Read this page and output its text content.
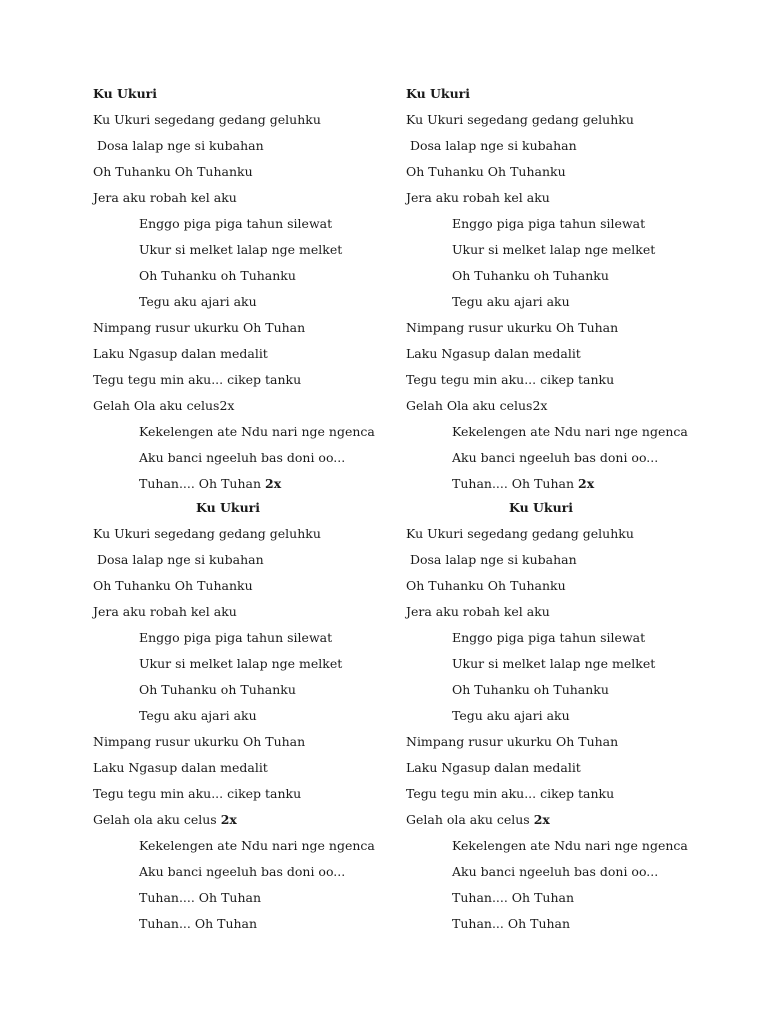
Ku Ukuri
Ku Ukuri segedang gedang geluhku
Dosa lalap nge si kubahan
Oh Tuhanku Oh Tuhanku
Jera aku robah kel aku
Enggo piga piga tahun silewat
Ukur si melket lalap nge melket
Oh Tuhanku oh Tuhanku
Tegu aku ajari aku
Nimpang rusur ukurku Oh Tuhan
Laku Ngasup dalan medalit
Tegu tegu min aku... cikep tanku
Gelah Ola aku celus2x
Kekelengen ate Ndu nari nge ngenca
Aku banci ngeeluh bas doni oo...
Tuhan.... Oh Tuhan 2x
Ku Ukuri
Ku Ukuri segedang gedang geluhku
Dosa lalap nge si kubahan
Oh Tuhanku Oh Tuhanku
Jera aku robah kel aku
Enggo piga piga tahun silewat
Ukur si melket lalap nge melket
Oh Tuhanku oh Tuhanku
Tegu aku ajari aku
Nimpang rusur ukurku Oh Tuhan
Laku Ngasup dalan medalit
Tegu tegu min aku... cikep tanku
Gelah Ola aku celus2x
Kekelengen ate Ndu nari nge ngenca
Aku banci ngeeluh bas doni oo...
Tuhan.... Oh Tuhan 2x
Ku Ukuri
Ku Ukuri segedang gedang geluhku
Dosa lalap nge si kubahan
Oh Tuhanku Oh Tuhanku
Jera aku robah kel aku
Enggo piga piga tahun silewat
Ukur si melket lalap nge melket
Oh Tuhanku oh Tuhanku
Tegu aku ajari aku
Nimpang rusur ukurku Oh Tuhan
Laku Ngasup dalan medalit
Tegu tegu min aku... cikep tanku
Gelah ola aku celus 2x
Kekelengen ate Ndu nari nge ngenca
Aku banci ngeeluh bas doni oo...
Tuhan.... Oh Tuhan
Tuhan... Oh Tuhan
Ku Ukuri
Ku Ukuri segedang gedang geluhku
Dosa lalap nge si kubahan
Oh Tuhanku Oh Tuhanku
Jera aku robah kel aku
Enggo piga piga tahun silewat
Ukur si melket lalap nge melket
Oh Tuhanku oh Tuhanku
Tegu aku ajari aku
Nimpang rusur ukurku Oh Tuhan
Laku Ngasup dalan medalit
Tegu tegu min aku... cikep tanku
Gelah ola aku celus 2x
Kekelengen ate Ndu nari nge ngenca
Aku banci ngeeluh bas doni oo...
Tuhan.... Oh Tuhan
Tuhan... Oh Tuhan
